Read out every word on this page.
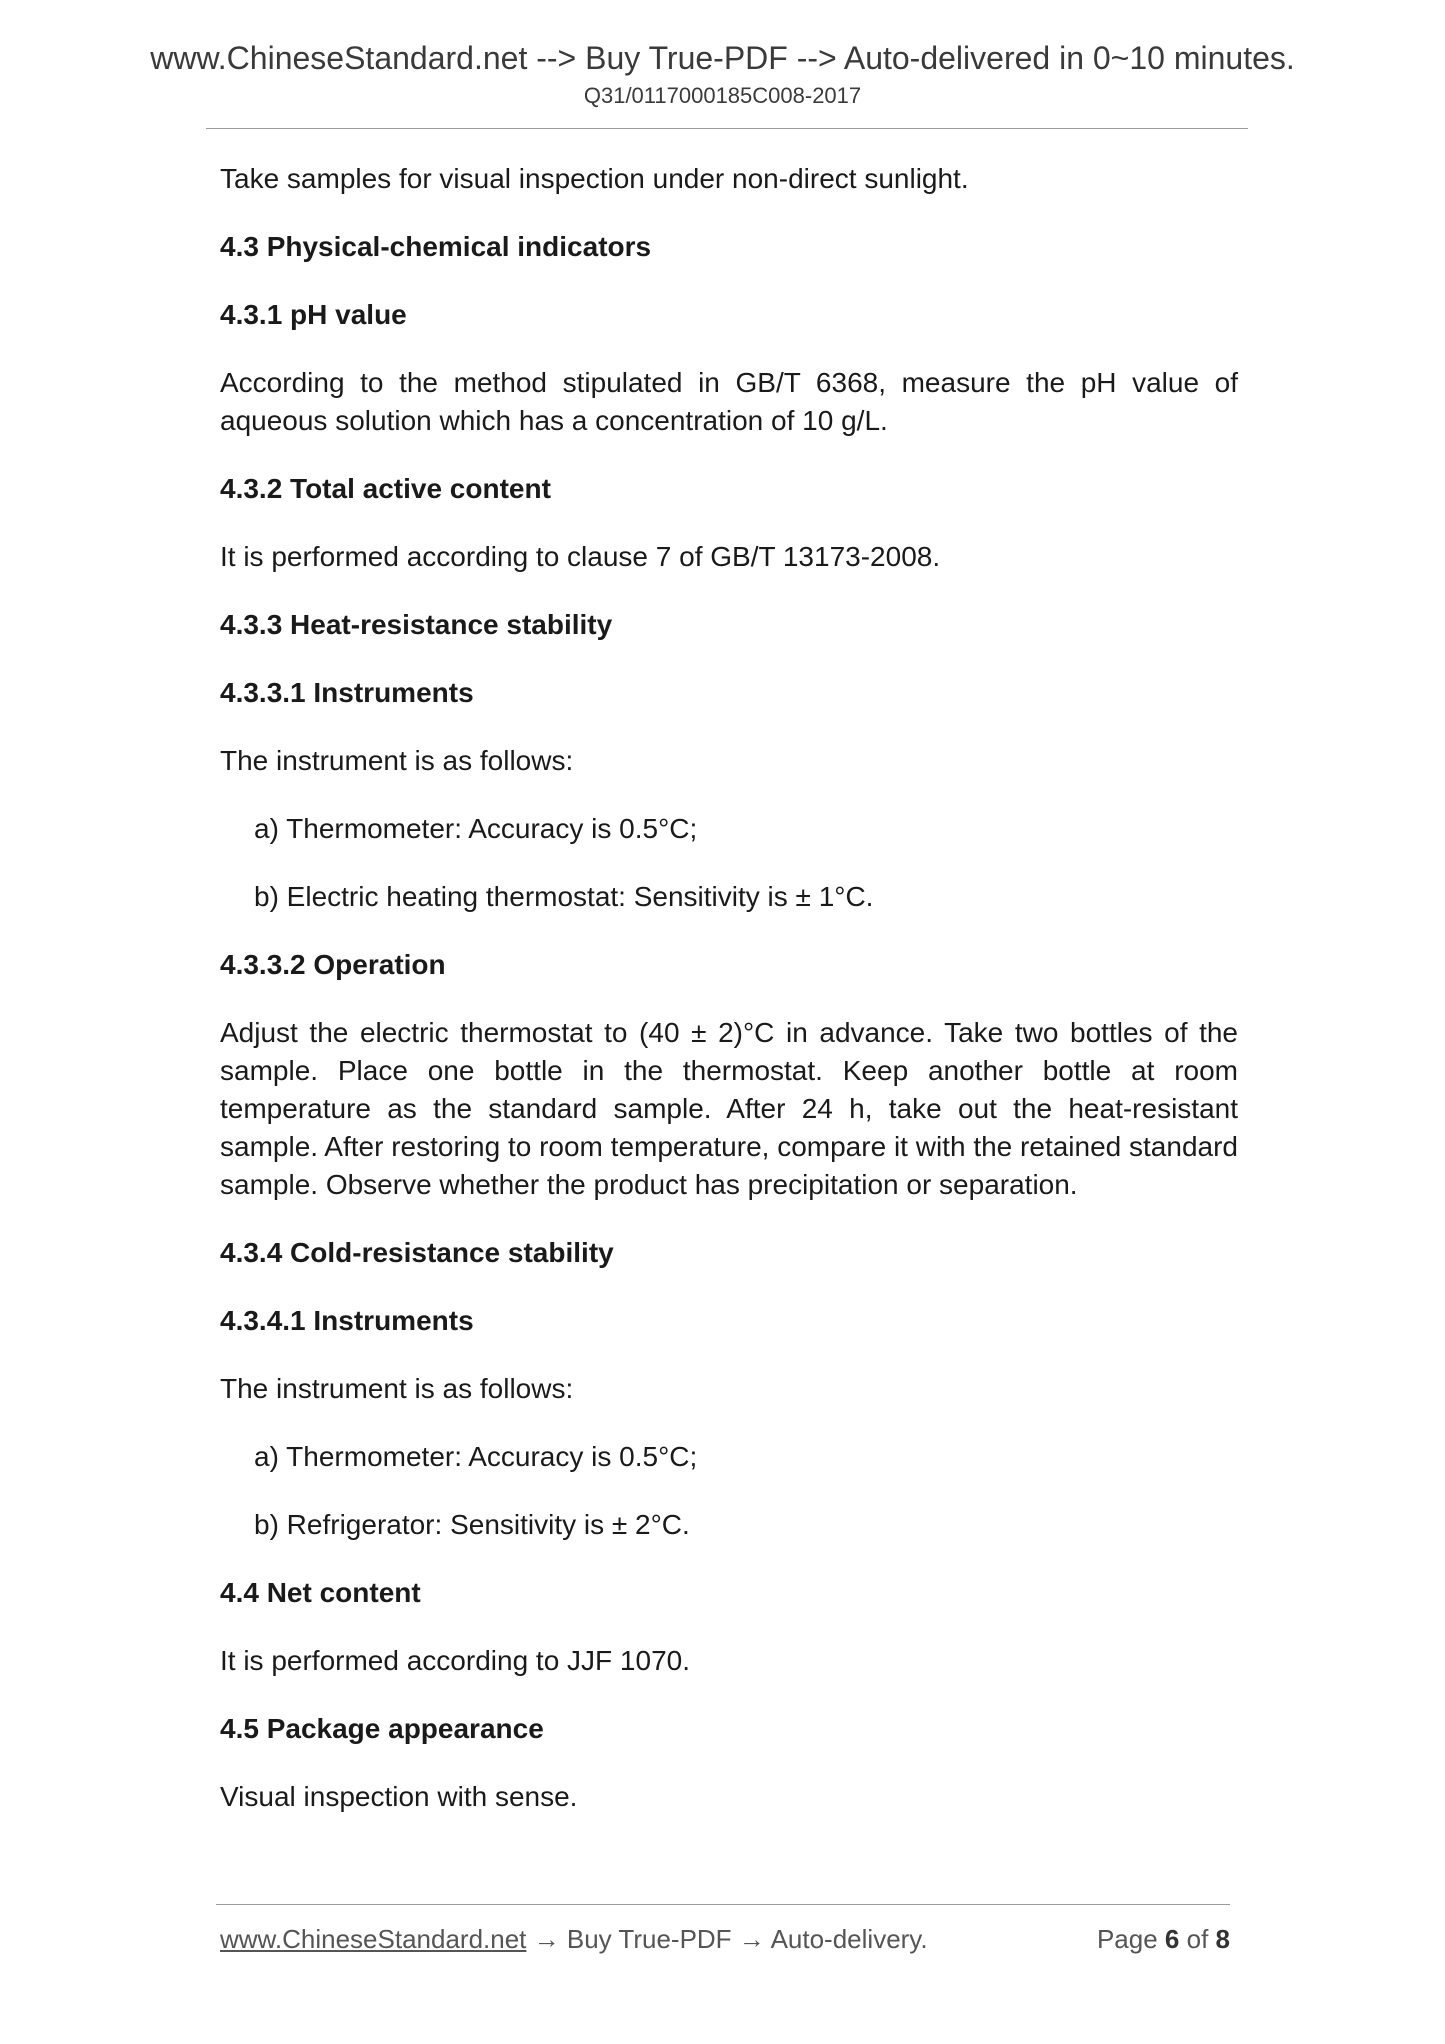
www.ChineseStandard.net --> Buy True-PDF --> Auto-delivered in 0~10 minutes.
Q31/0117000185C008-2017

Take samples for visual inspection under non-direct sunlight.

4.3 Physical-chemical indicators

4.3.1 pH value

According to the method stipulated in GB/T 6368, measure the pH value of aqueous solution which has a concentration of 10 g/L.

4.3.2 Total active content

It is performed according to clause 7 of GB/T 13173-2008.

4.3.3 Heat-resistance stability

4.3.3.1 Instruments

The instrument is as follows:

a) Thermometer: Accuracy is 0.5°C;

b) Electric heating thermostat: Sensitivity is ± 1°C.

4.3.3.2 Operation

Adjust the electric thermostat to (40 ± 2)°C in advance. Take two bottles of the sample. Place one bottle in the thermostat. Keep another bottle at room temperature as the standard sample. After 24 h, take out the heat-resistant sample. After restoring to room temperature, compare it with the retained standard sample. Observe whether the product has precipitation or separation.

4.3.4 Cold-resistance stability

4.3.4.1 Instruments

The instrument is as follows:

a) Thermometer: Accuracy is 0.5°C;

b) Refrigerator: Sensitivity is ± 2°C.

4.4 Net content

It is performed according to JJF 1070.

4.5 Package appearance

Visual inspection with sense.

www.ChineseStandard.net → Buy True-PDF → Auto-delivery.	Page 6 of 8
